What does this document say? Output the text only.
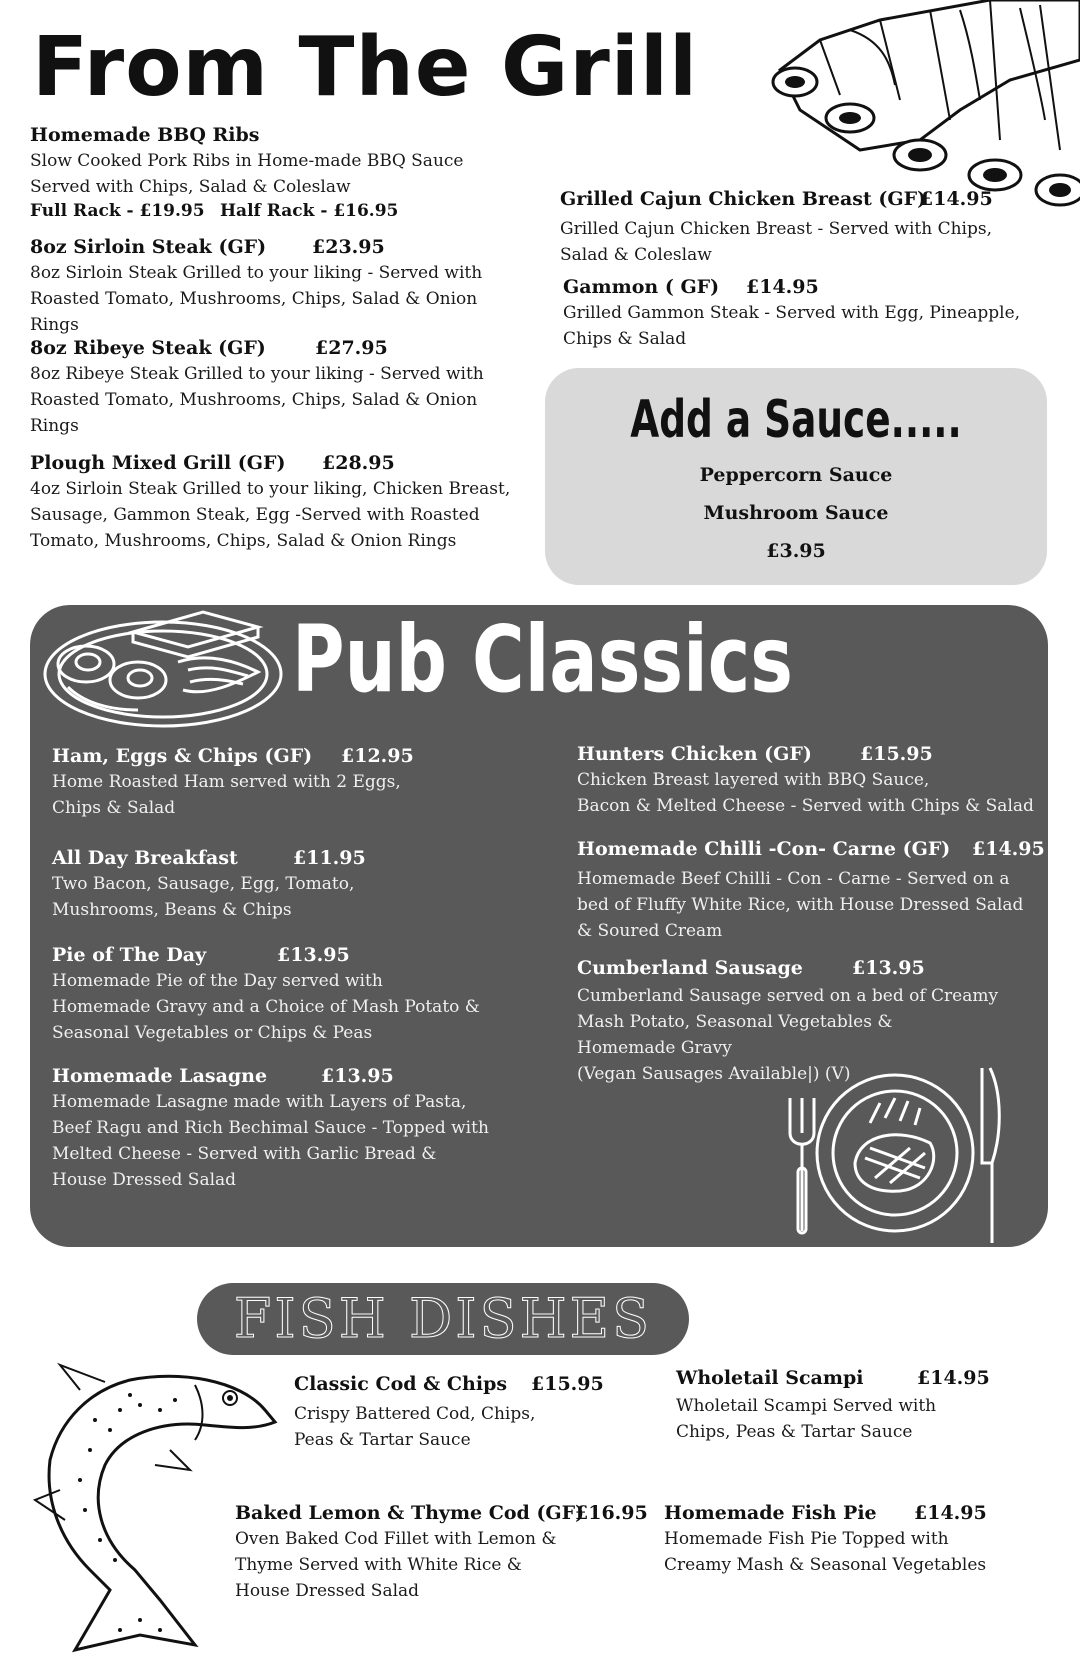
From The Grill
Homemade BBQ Ribs
Slow Cooked Pork Ribs in Home-made BBQ Sauce
Served with Chips, Salad & Coleslaw
Full Rack - £19.95 Half Rack - £16.95
8oz Sirloin Steak (GF) £23.95
8oz Sirloin Steak Grilled to your liking - Served with
Roasted Tomato, Mushrooms, Chips, Salad & Onion
Rings
8oz Ribeye Steak (GF)	£27.95
8oz Ribeye Steak Grilled to your liking - Served with
Roasted Tomato, Mushrooms, Chips, Salad & Onion
Rings
Plough Mixed Grill (GF) £28.95
4oz Sirloin Steak Grilled to your liking, Chicken Breast,
Sausage, Gammon Steak, Egg -Served with Roasted
Tomato, Mushrooms, Chips, Salad & Onion Rings
Grilled Cajun Chicken Breast (GF)£14.95
Grilled Cajun Chicken Breast - Served with Chips,
Salad & Coleslaw
Gammon ( GF) £14.95
Grilled Gammon Steak - Served with Egg, Pineapple,
Chips & Salad
Add a Sauce.....
Peppercorn Sauce
Mushroom Sauce
£3.95
Pub Classics
Ham, Eggs & Chips (GF) £12.95
Home Roasted Ham served with 2 Eggs,
Chips & Salad
All Day Breakfast	£11.95
Two Bacon, Sausage, Egg, Tomato,
Mushrooms, Beans & Chips
Pie of The Day	£13.95
Homemade Pie of the Day served with
Homemade Gravy and a Choice of Mash Potato &
Seasonal Vegetables or Chips & Peas
Homemade Lasagne	£13.95
Homemade Lasagne made with Layers of Pasta,
Beef Ragu and Rich Bechimal Sauce - Topped with
Melted Cheese - Served with Garlic Bread &
House Dressed Salad
Hunters Chicken (GF)	£15.95
Chicken Breast layered with BBQ Sauce,
Bacon & Melted Cheese - Served with Chips & Salad
Homemade Chilli -Con- Carne (GF) £14.95
Homemade Beef Chilli - Con - Carne - Served on a
bed of Fluffy White Rice, with House Dressed Salad
& Soured Cream
Cumberland Sausage	£13.95
Cumberland Sausage served on a bed of Creamy
Mash Potato, Seasonal Vegetables &
Homemade Gravy
(Vegan Sausages Available|) (V)
FISH DISHES
Classic Cod & Chips £15.95
Crispy Battered Cod, Chips,
Peas & Tartar Sauce
Wholetail Scampi	£14.95
Wholetail Scampi Served with
Chips, Peas & Tartar Sauce
Baked Lemon & Thyme Cod (GF)£16.95
Oven Baked Cod Fillet with Lemon &
Thyme Served with White Rice &
House Dressed Salad
Homemade Fish Pie £14.95
Homemade Fish Pie Topped with
Creamy Mash & Seasonal Vegetables
